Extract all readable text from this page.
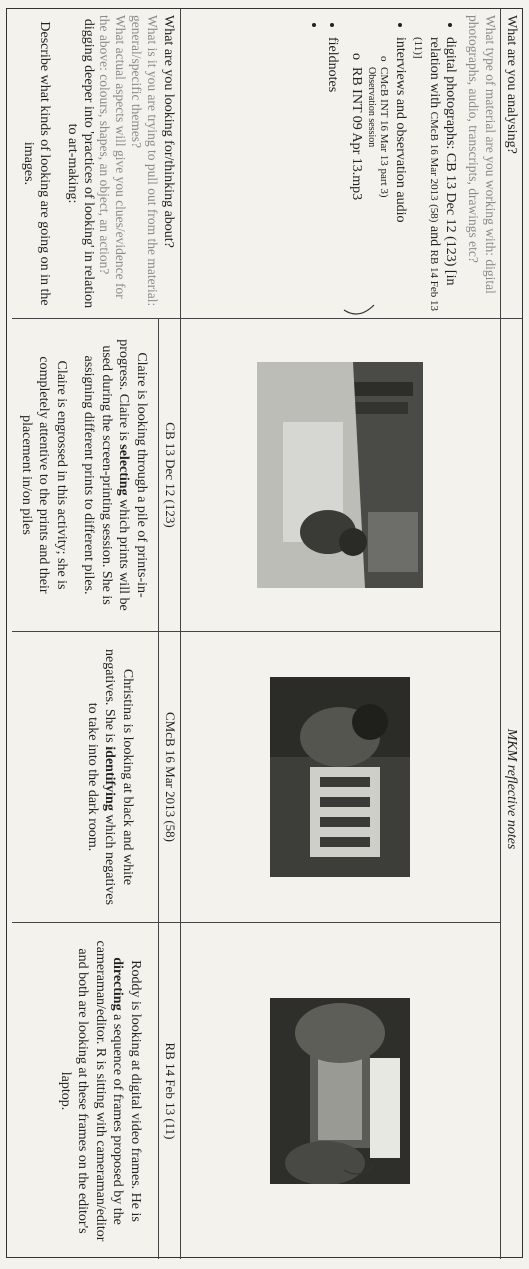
What are you analysing?
MKM reflective notes
What type of material are you working with: digital photographs, audio, transcripts, drawings etc?
• digital photographs: CB 13 Dec 12 (123) [in relation with CMcB 16 Mar 2013 (58) and RB 14 Feb 13 (11)]
• interviews and observation audio
o CMcB INT 16 Mar 13 part 3)
Observation session
o RB INT 09 Apr 13.mp3
• fieldnotes
•
What are you looking for/thinking about?
What is it you are trying to pull out from the material: general/specific themes?
What actual aspects will give you clues/evidence for the above: colours, shapes, an object, an action?
digging deeper into 'practices of looking' in relation to art-making:
Describe what kinds of looking are going on in the images.
CB 13 Dec 12 (123)
Claire is looking through a pile of prints-in-progress. Claire is selecting which prints will be used during the screen-printing session. She is assigning different prints to different piles.
Claire is engrossed in this activity; she is completely attentive to the prints and their placement in/on piles
CMcB 16 Mar 2013 (58)
Christina is looking at black and white negatives. She is identifying which negatives to take into the dark room.
RB 14 Feb 13 (11)
Roddy is looking at digital video frames. He is directing a sequence of frames proposed by the cameraman/editor. R is sitting with cameraman/editor and both are looking at these frames on the editor's laptop.
